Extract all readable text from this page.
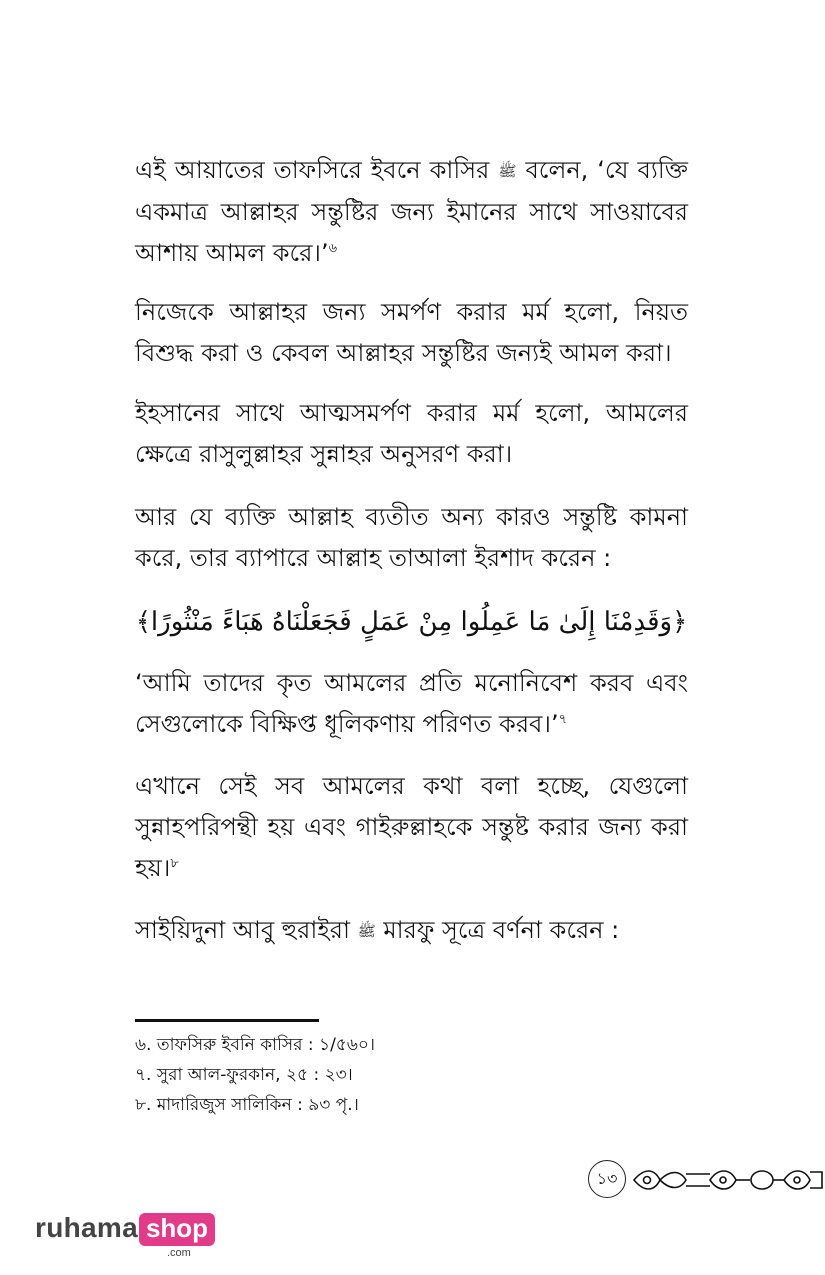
এই আয়াতের তাফসিরে ইবনে কাসির ﷺ বলেন, ‘যে ব্যক্তি একমাত্র আল্লাহর সন্তুষ্টির জন্য ইমানের সাথে সাওয়াবের আশায় আমল করে।’$^৬$

নিজেকে আল্লাহর জন্য সমর্পণ করার মর্ম হলো, নিয়ত বিশুদ্ধ করা ও কেবল আল্লাহর সন্তুষ্টির জন্যই আমল করা।

ইহসানের সাথে আত্মসমর্পণ করার মর্ম হলো, আমলের ক্ষেত্রে রাসুলুল্লাহর সুন্নাহর অনুসরণ করা।

আর যে ব্যক্তি আল্লাহ ব্যতীত অন্য কারও সন্তুষ্টি কামনা করে, তার ব্যাপারে আল্লাহ তাআলা ইরশাদ করেন :

﴿وَقَدِمْنَا إِلَىٰ مَا عَمِلُوا مِنْ عَمَلٍ فَجَعَلْنَاهُ هَبَاءً مَنْثُورًا﴾

‘আমি তাদের কৃত আমলের প্রতি মনোনিবেশ করব এবং সেগুলোকে বিক্ষিপ্ত ধূলিকণায় পরিণত করব।’$^৭$

এখানে সেই সব আমলের কথা বলা হচ্ছে, যেগুলো সুন্নাহপরিপন্থী হয় এবং গাইরুল্লাহকে সন্তুষ্ট করার জন্য করা হয়।$^৮$

সাইয়িদুনা আবু হুরাইরা ﷺ মারফু সূত্রে বর্ণনা করেন :

৬. তাফসিরু ইবনি কাসির : ১/৫৬০।

৭. সুরা আল-ফুরকান, ২৫ : ২৩।

৮. মাদারিজুস সালিকিন : ৯৩ পৃ.।

১৩
ruhama shop
.com
